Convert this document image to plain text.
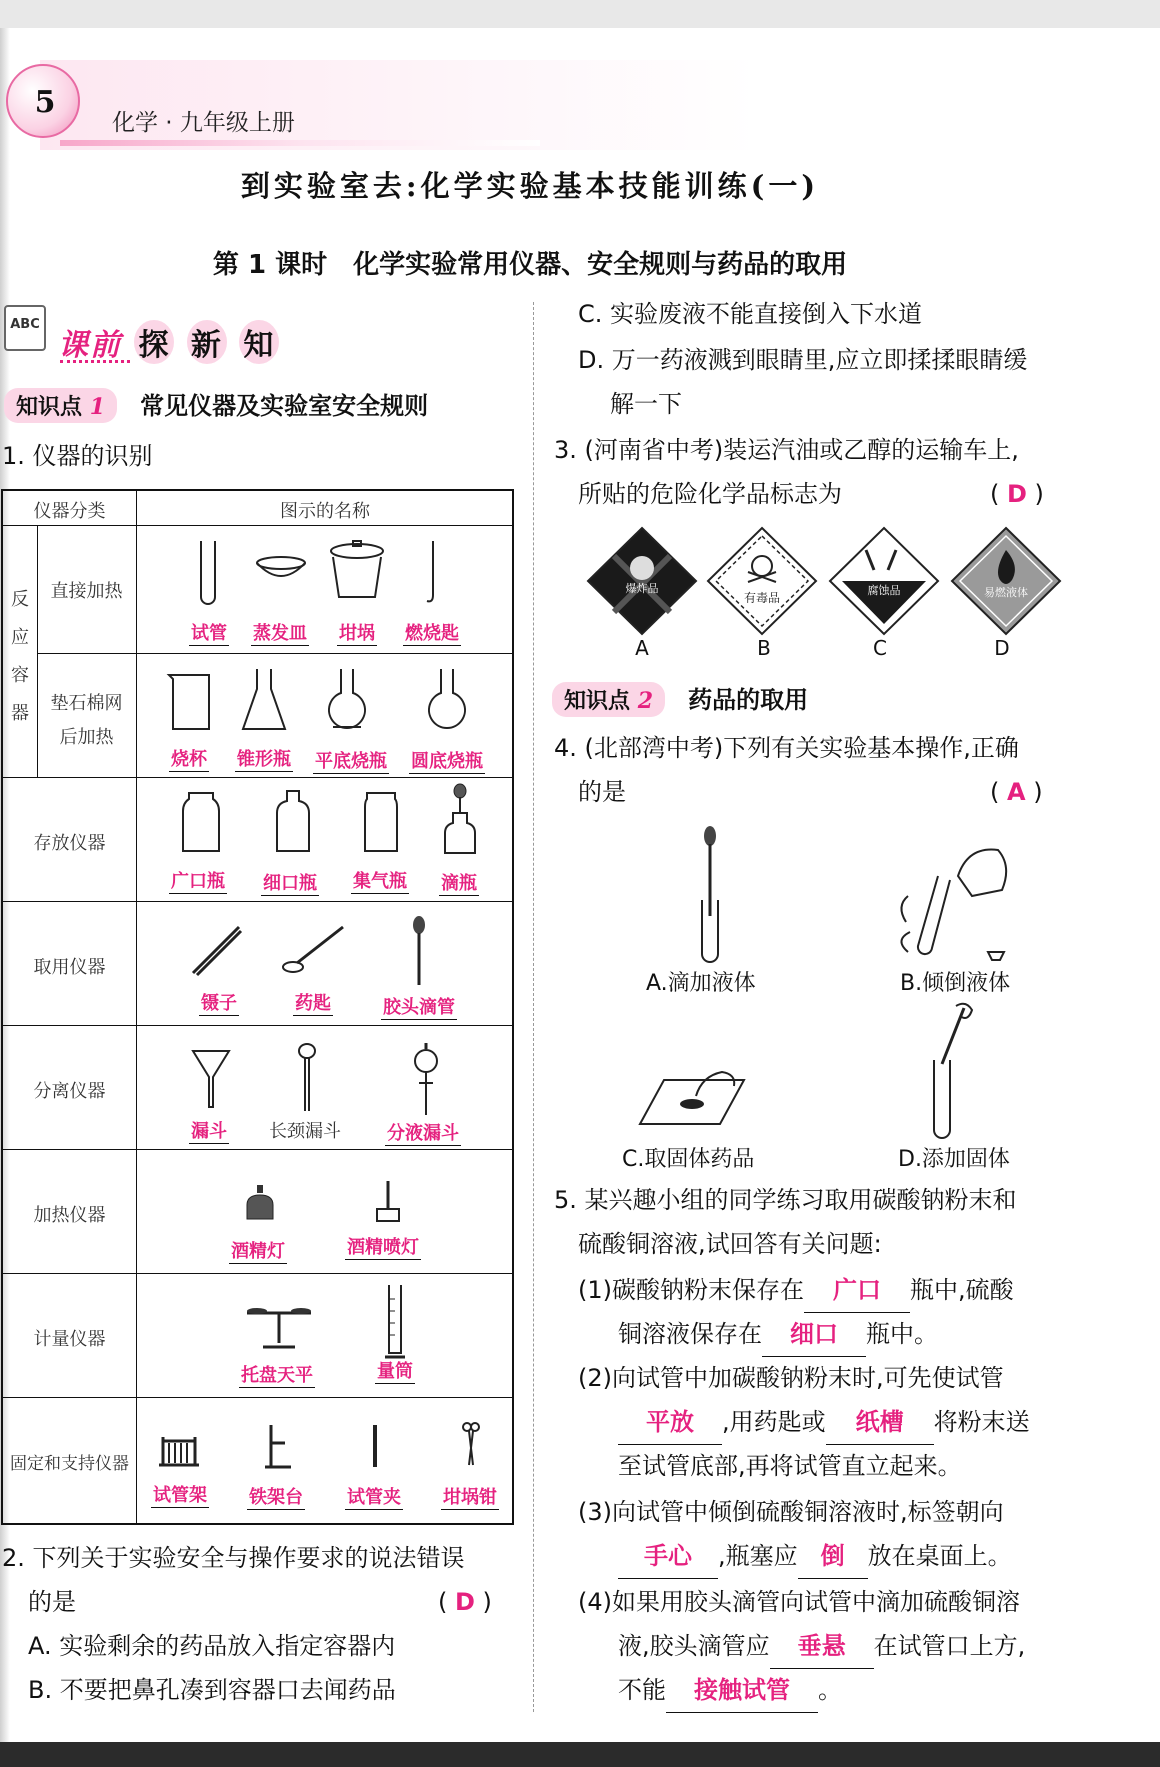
5
化学 · 九年级上册
到实验室去:化学实验基本技能训练(一)
第 1 课时　化学实验常用仪器、安全规则与药品的取用
ABC
课前 探 新 知
知识点 1 常见仪器及实验室安全规则
1. 仪器的识别
仪器分类	图示的名称
反
应
容
器
直接加热
试管 蒸发皿 坩埚 燃烧匙
垫石棉网
后加热
烧杯 锥形瓶 平底烧瓶 圆底烧瓶
存放仪器
广口瓶 细口瓶 集气瓶 滴瓶
取用仪器
镊子	药匙	胶头滴管
分离仪器
漏斗 长颈漏斗	分液漏斗
加热仪器
酒精灯	酒精喷灯
计量仪器
托盘天平	量筒
固定和支持仪器
试管架 铁架台 试管夹 坩埚钳
2. 下列关于实验安全与操作要求的说法错误
的是	( D )
A. 实验剩余的药品放入指定容器内
B. 不要把鼻孔凑到容器口去闻药品
C. 实验废液不能直接倒入下水道
D. 万一药液溅到眼睛里,应立即揉揉眼睛缓
解一下
3. (河南省中考)装运汽油或乙醇的运输车上,
所贴的危险化学品标志为	( D )
爆炸品
有毒品
腐蚀品	易燃液体
A	B	C	D
知识点 2 药品的取用
4. (北部湾中考)下列有关实验基本操作,正确
的是	( A )
A.滴加液体	B.倾倒液体
C.取固体药品	D.添加固体
5. 某兴趣小组的同学练习取用碳酸钠粉末和
硫酸铜溶液,试回答有关问题:
(1)碳酸钠粉末保存在 广口 瓶中,硫酸
铜溶液保存在 细口 瓶中。
(2)向试管中加碳酸钠粉末时,可先使试管
平放 ,用药匙或 纸槽 将粉末送
至试管底部,再将试管直立起来。
(3)向试管中倾倒硫酸铜溶液时,标签朝向
手心 ,瓶塞应 倒 放在桌面上。
(4)如果用胶头滴管向试管中滴加硫酸铜溶
液,胶头滴管应 垂悬 在试管口上方,
不能 接触试管 。
